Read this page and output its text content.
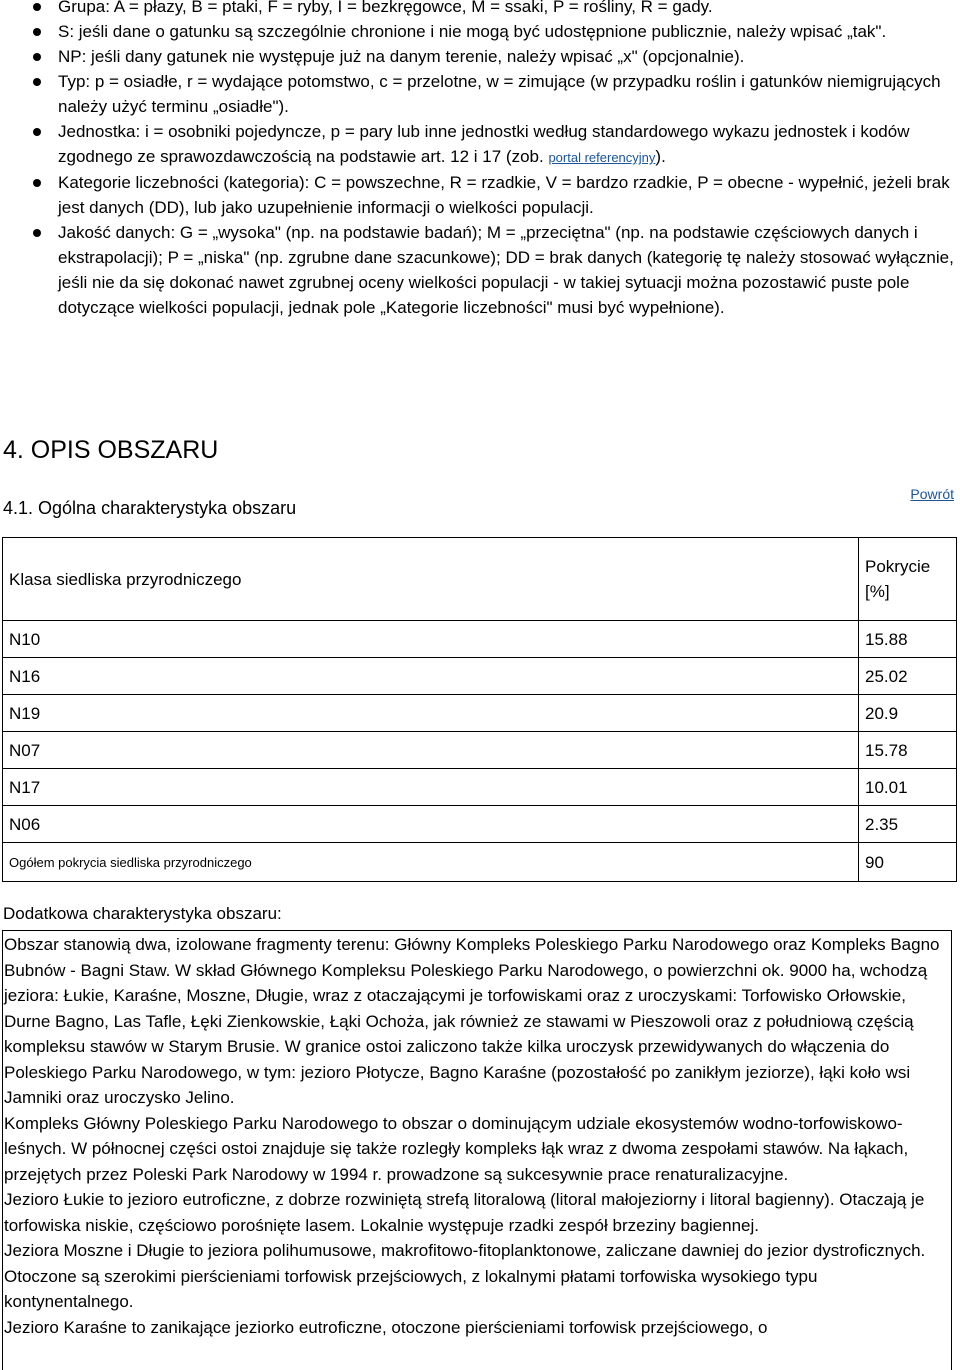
Grupa: A = płazy, B = ptaki, F = ryby, I = bezkręgowce, M = ssaki, P = rośliny, R = gady.
S: jeśli dane o gatunku są szczególnie chronione i nie mogą być udostępnione publicznie, należy wpisać „tak".
NP: jeśli dany gatunek nie występuje już na danym terenie, należy wpisać „x" (opcjonalnie).
Typ: p = osiadłe, r = wydające potomstwo, c = przelotne, w = zimujące (w przypadku roślin i gatunków niemigrujących należy użyć terminu „osiadłe").
Jednostka: i = osobniki pojedyncze, p = pary lub inne jednostki według standardowego wykazu jednostek i kodów zgodnego ze sprawozdawczością na podstawie art. 12 i 17 (zob. portal referencyjny).
Kategorie liczebności (kategoria): C = powszechne, R = rzadkie, V = bardzo rzadkie, P = obecne - wypełnić, jeżeli brak jest danych (DD), lub jako uzupełnienie informacji o wielkości populacji.
Jakość danych: G = „wysoka" (np. na podstawie badań); M = „przeciętna" (np. na podstawie częściowych danych i ekstrapolacji); P = „niska" (np. zgrubne dane szacunkowe); DD = brak danych (kategorię tę należy stosować wyłącznie, jeśli nie da się dokonać nawet zgrubnej oceny wielkości populacji - w takiej sytuacji można pozostawić puste pole dotyczące wielkości populacji, jednak pole „Kategorie liczebności" musi być wypełnione).
4. OPIS OBSZARU
Powrót
4.1. Ogólna charakterystyka obszaru
Klasa siedliska przyrodniczego	Pokrycie [%]
N10	15.88
N16	25.02
N19	20.9
N07	15.78
N17	10.01
N06	2.35
Ogółem pokrycia siedliska przyrodniczego	90
Dodatkowa charakterystyka obszaru:

Obszar stanowią dwa, izolowane fragmenty terenu: Główny Kompleks Poleskiego Parku Narodowego oraz Kompleks Bagno Bubnów - Bagni Staw. W skład Głównego Kompleksu Poleskiego Parku Narodowego, o powierzchni ok. 9000 ha, wchodzą jeziora: Łukie, Karaśne, Moszne, Długie, wraz z otaczającymi je torfowiskami oraz z uroczyskami: Torfowisko Orłowskie, Durne Bagno, Las Tafle, Łęki Zienkowskie, Łąki Ochoża, jak również ze stawami w Pieszowoli oraz z południową częścią kompleksu stawów w Starym Brusie. W granice ostoi zaliczono także kilka uroczysk przewidywanych do włączenia do Poleskiego Parku Narodowego, w tym: jezioro Płotycze, Bagno Karaśne (pozostałość po zanikłym jeziorze), łąki koło wsi Jamniki oraz uroczysko Jelino.

Kompleks Główny Poleskiego Parku Narodowego to obszar o dominującym udziale ekosystemów wodno-torfowiskowo-leśnych. W północnej części ostoi znajduje się także rozległy kompleks łąk wraz z dwoma zespołami stawów. Na łąkach, przejętych przez Poleski Park Narodowy w 1994 r. prowadzone są sukcesywnie prace renaturalizacyjne.

Jezioro Łukie to jezioro eutroficzne, z dobrze rozwiniętą strefą litoralową (litoral małojeziorny i litoral bagienny). Otaczają je torfowiska niskie, częściowo porośnięte lasem. Lokalnie występuje rzadki zespół brzeziny bagiennej.

Jeziora Moszne i Długie to jeziora polihumusowe, makrofitowo-fitoplanktonowe, zaliczane dawniej do jezior dystroficznych. Otoczone są szerokimi pierścieniami torfowisk przejściowych, z lokalnymi płatami torfowiska wysokiego typu kontynentalnego.

Jezioro Karaśne to zanikające jeziorko eutroficzne, otoczone pierścieniami torfowisk przejściowego, o
